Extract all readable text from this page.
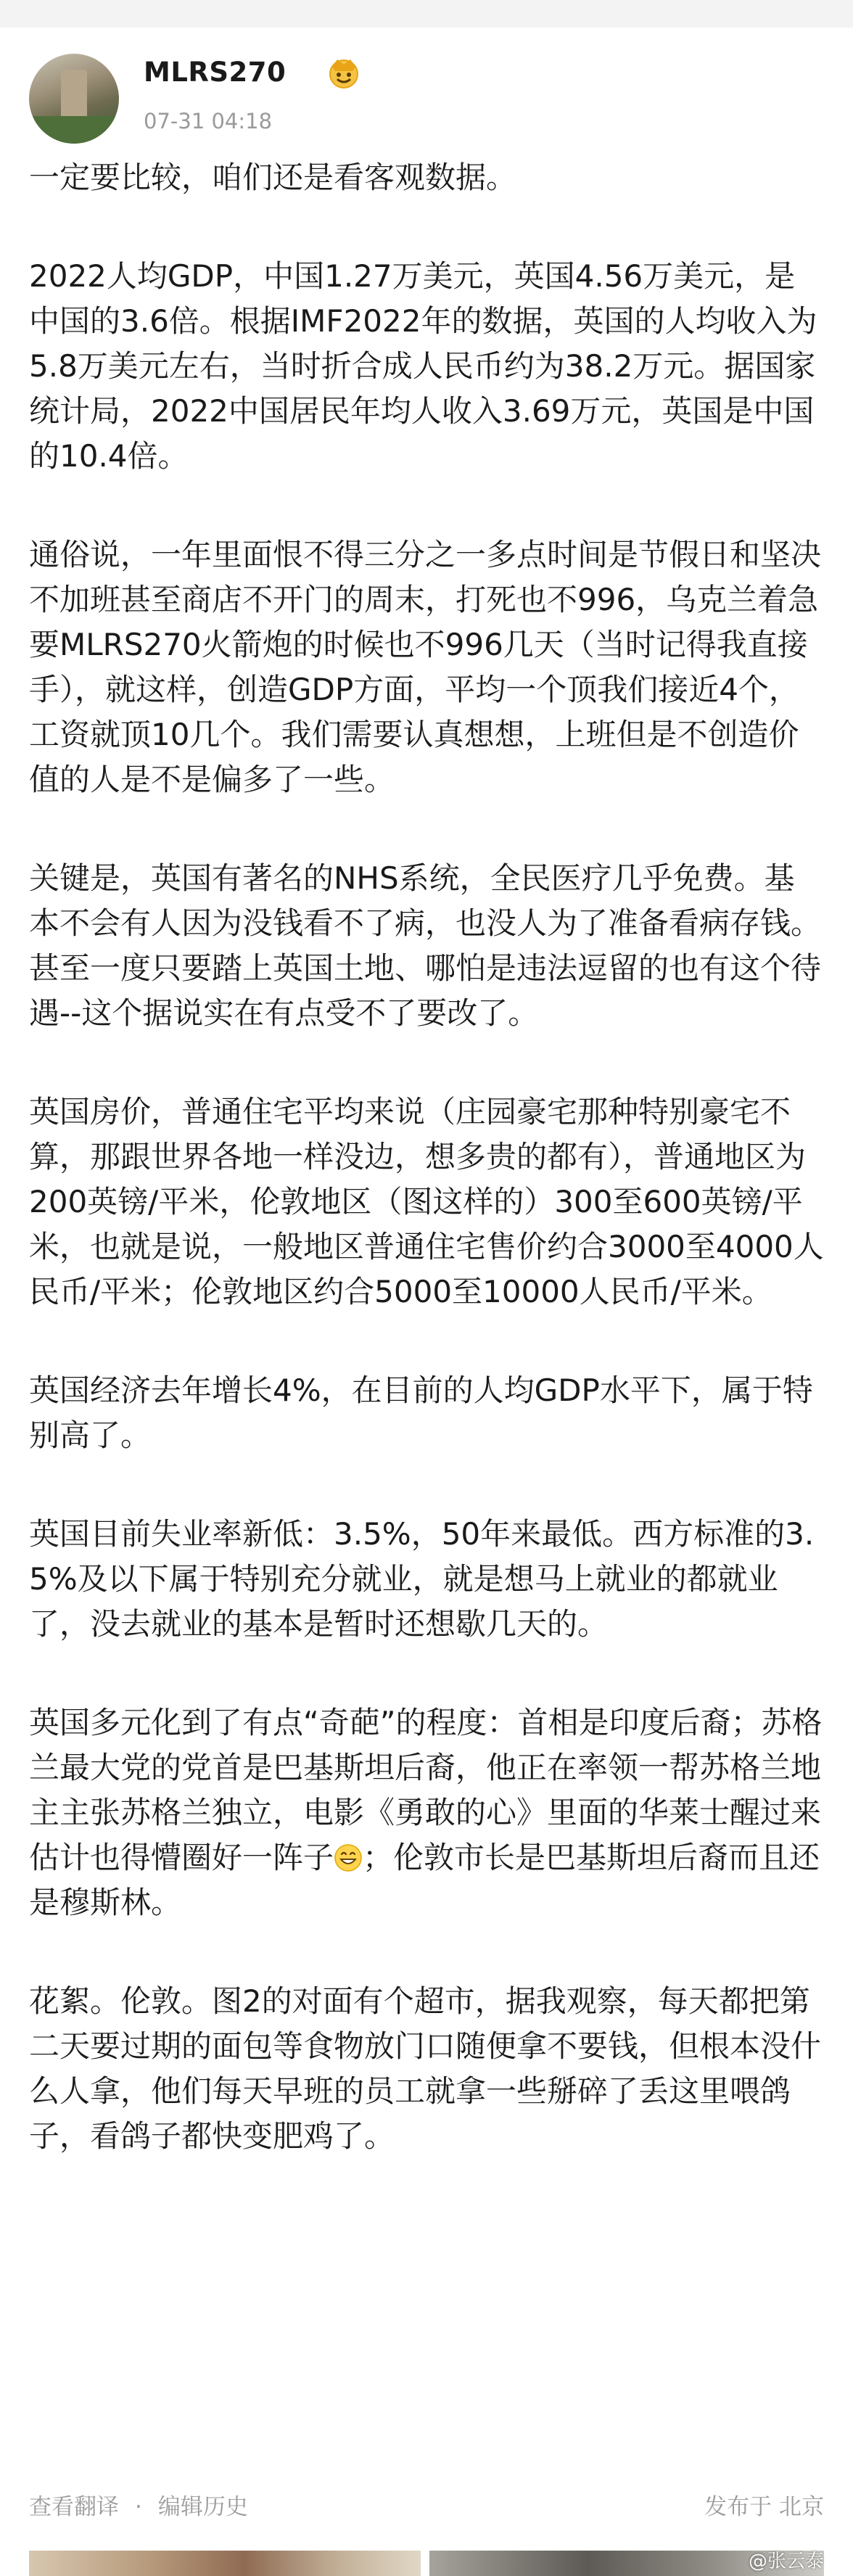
MLRS270
07-31 04:18

一定要比较，咱们还是看客观数据。

2022人均GDP，中国1.27万美元，英国4.56万美元，是中国的3.6倍。根据IMF2022年的数据，英国的人均收入为5.8万美元左右，当时折合成人民币约为38.2万元。据国家统计局，2022中国居民年均人收入3.69万元，英国是中国的10.4倍。

通俗说，一年里面恨不得三分之一多点时间是节假日和坚决不加班甚至商店不开门的周末，打死也不996，乌克兰着急要MLRS270火箭炮的时候也不996几天（当时记得我直接手），就这样，创造GDP方面，平均一个顶我们接近4个，工资就顶10几个。我们需要认真想想，上班但是不创造价值的人是不是偏多了一些。

关键是，英国有著名的NHS系统，全民医疗几乎免费。基本不会有人因为没钱看不了病，也没人为了准备看病存钱。甚至一度只要踏上英国土地、哪怕是违法逗留的也有这个待遇--这个据说实在有点受不了要改了。

英国房价，普通住宅平均来说（庄园豪宅那种特别豪宅不算，那跟世界各地一样没边，想多贵的都有），普通地区为200英镑/平米，伦敦地区（图这样的）300至600英镑/平米，也就是说，一般地区普通住宅售价约合3000至4000人民币/平米；伦敦地区约合5000至10000人民币/平米。

英国经济去年增长4%，在目前的人均GDP水平下，属于特别高了。

英国目前失业率新低：3.5%，50年来最低。西方标准的3.5%及以下属于特别充分就业，就是想马上就业的都就业了，没去就业的基本是暂时还想歇几天的。

英国多元化到了有点“奇葩”的程度：首相是印度后裔；苏格兰最大党的党首是巴基斯坦后裔，他正在率领一帮苏格兰地主主张苏格兰独立，电影《勇敢的心》里面的华莱士醒过来估计也得懵圈好一阵子 ；伦敦市长是巴基斯坦后裔而且还是穆斯林。

花絮。伦敦。图2的对面有个超市，据我观察，每天都把第二天要过期的面包等食物放门口随便拿不要钱，但根本没什么人拿，他们每天早班的员工就拿一些掰碎了丢这里喂鸽子，看鸽子都快变肥鸡了。

查看翻译 · 编辑历史	发布于 北京
@张云泰
